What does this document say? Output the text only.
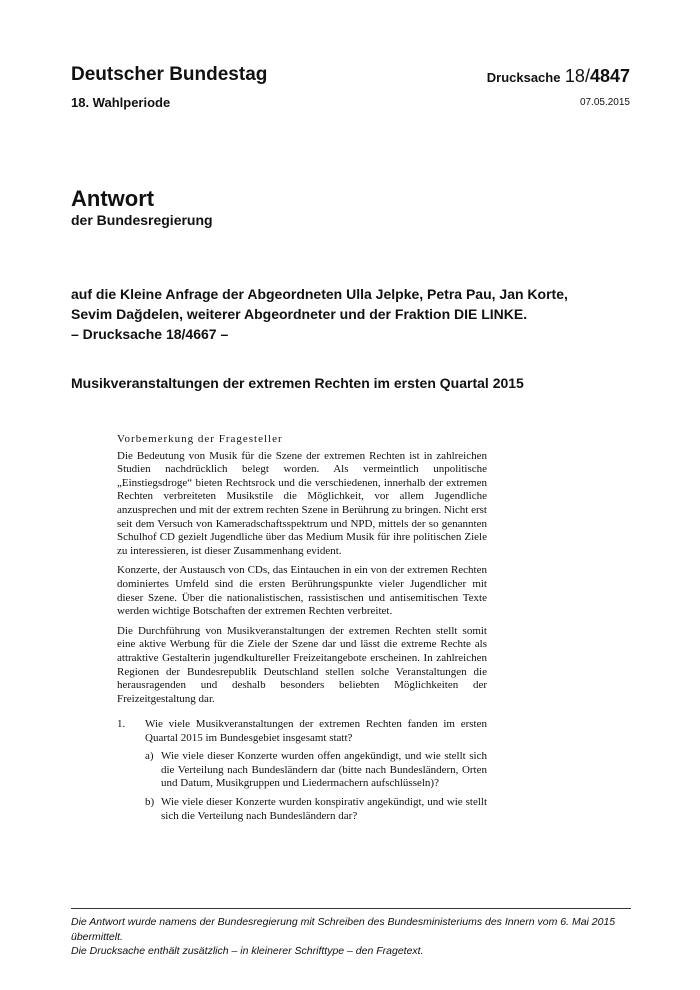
Deutscher Bundestag
18. Wahlperiode
Drucksache 18/4847
07.05.2015
Antwort
der Bundesregierung
auf die Kleine Anfrage der Abgeordneten Ulla Jelpke, Petra Pau, Jan Korte,
Sevim Dağdelen, weiterer Abgeordneter und der Fraktion DIE LINKE.
– Drucksache 18/4667 –
Musikveranstaltungen der extremen Rechten im ersten Quartal 2015
Vorbemerkung der Fragesteller

Die Bedeutung von Musik für die Szene der extremen Rechten ist in zahlreichen Studien nachdrücklich belegt worden. Als vermeintlich unpolitische „Einstiegsdroge“ bieten Rechtsrock und die verschiedenen, innerhalb der extremen Rechten verbreiteten Musikstile die Möglichkeit, vor allem Jugendliche anzusprechen und mit der extrem rechten Szene in Berührung zu bringen. Nicht erst seit dem Versuch von Kameradschaftsspektrum und NPD, mittels der so genannten Schulhof CD gezielt Jugendliche über das Medium Musik für ihre politischen Ziele zu interessieren, ist dieser Zusammenhang evident.

Konzerte, der Austausch von CDs, das Eintauchen in ein von der extremen Rechten dominiertes Umfeld sind die ersten Berührungspunkte vieler Jugendlicher mit dieser Szene. Über die nationalistischen, rassistischen und antisemitischen Texte werden wichtige Botschaften der extremen Rechten verbreitet.

Die Durchführung von Musikveranstaltungen der extremen Rechten stellt somit eine aktive Werbung für die Ziele der Szene dar und lässt die extreme Rechte als attraktive Gestalterin jugendkultureller Freizeitangebote erscheinen. In zahlreichen Regionen der Bundesrepublik Deutschland stellen solche Veranstaltungen die herausragenden und deshalb besonders beliebten Möglichkeiten der Freizeitgestaltung dar.

1.	Wie viele Musikveranstaltungen der extremen Rechten fanden im ersten Quartal 2015 im Bundesgebiet insgesamt statt?
a) Wie viele dieser Konzerte wurden offen angekündigt, und wie stellt sich die Verteilung nach Bundesländern dar (bitte nach Bundesländern, Orten und Datum, Musikgruppen und Liedermachern aufschlüsseln)?
b) Wie viele dieser Konzerte wurden konspirativ angekündigt, und wie stellt sich die Verteilung nach Bundesländern dar?
Die Antwort wurde namens der Bundesregierung mit Schreiben des Bundesministeriums des Innern vom 6. Mai 2015 übermittelt.
Die Drucksache enthält zusätzlich – in kleinerer Schrifttype – den Fragetext.
